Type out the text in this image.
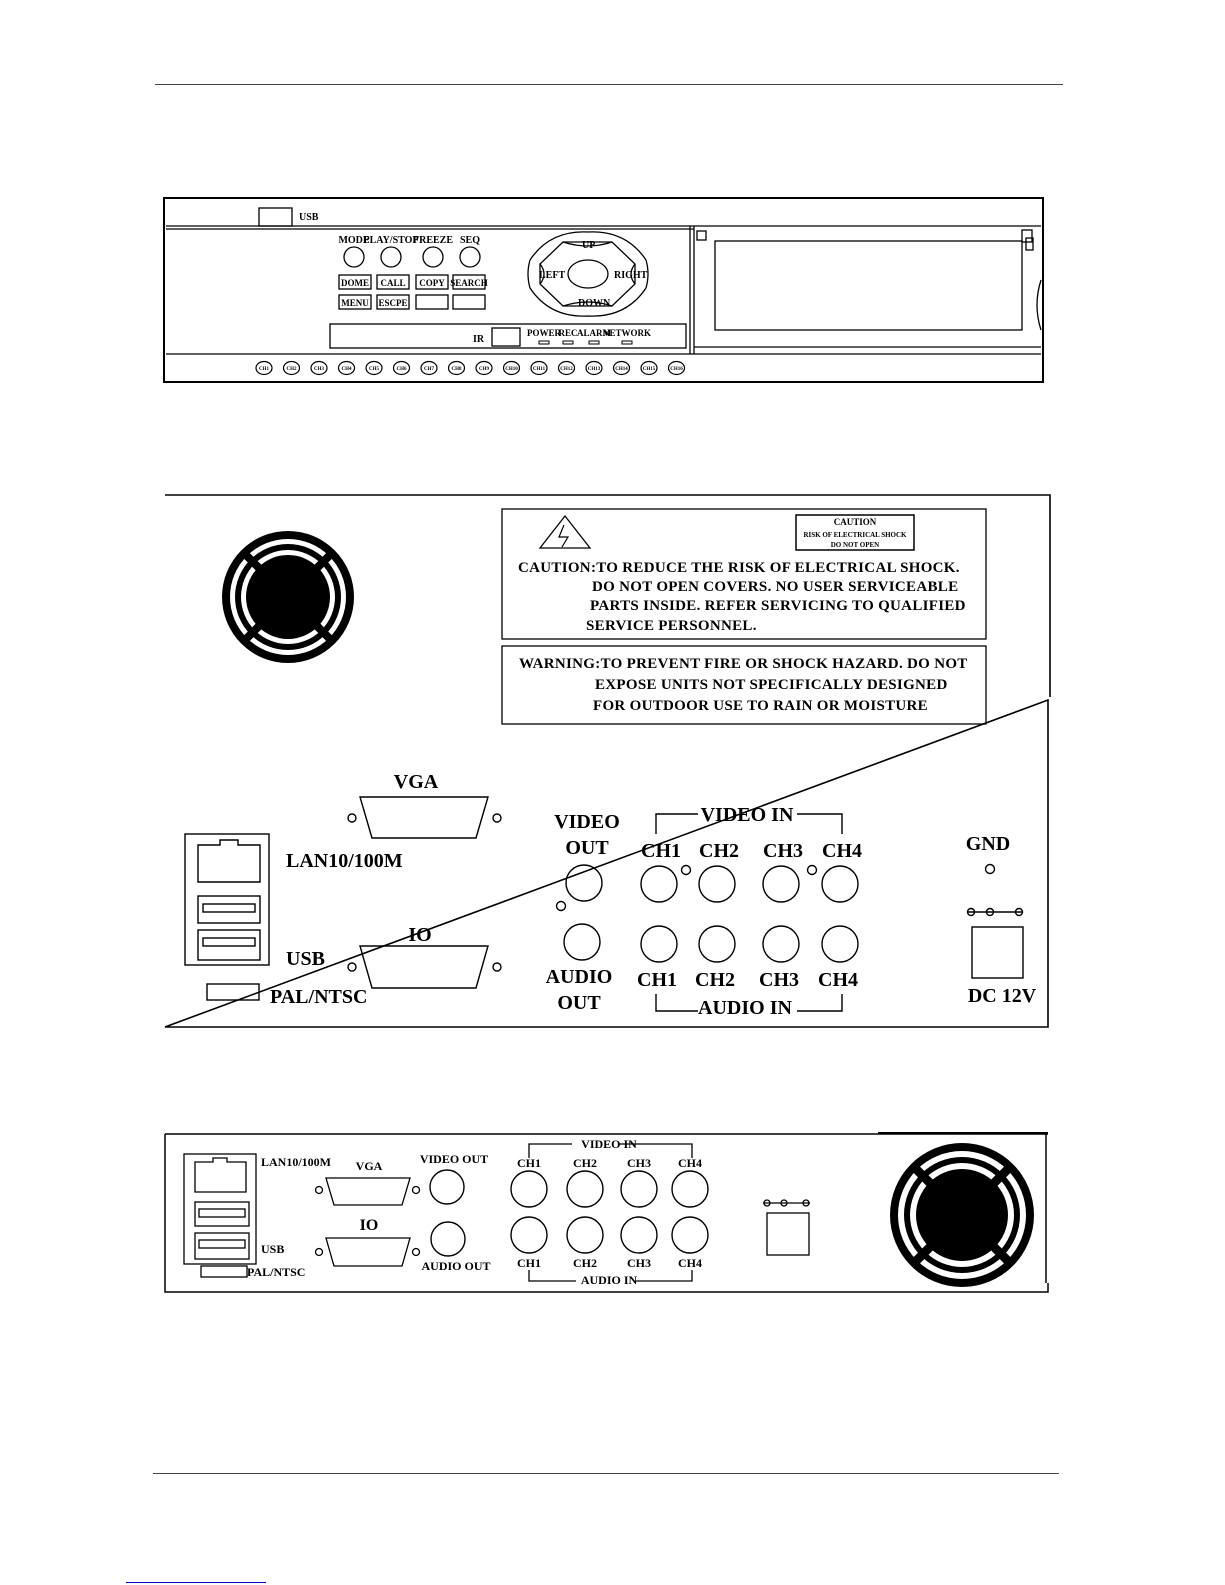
USB
MODE
PLAY/STOP
FREEZE SEQ
DOME CALL COPY SEARCH
MENU ESCPE
UP
DOWN
LEFT	RIGHT
IR
POWER
REC ALARM
NETWORK
CH1	CH2	CH3	CH4	CH5	CH6	CH7	CH8	CH9	CH10	CH11	CH12	CH13	CH14	CH15	CH16
CAUTION
RISK OF ELECTRICAL SHOCK
DO NOT OPEN
CAUTION:TO REDUCE THE RISK OF ELECTRICAL SHOCK.
DO NOT OPEN COVERS. NO USER SERVICEABLE
PARTS INSIDE. REFER SERVICING TO QUALIFIED
SERVICE PERSONNEL.
WARNING:TO PREVENT FIRE OR SHOCK HAZARD. DO NOT
EXPOSE UNITS NOT SPECIFICALLY DESIGNED
FOR OUTDOOR USE TO RAIN OR MOISTURE
VGA
LAN10/100M
IO
USB
PAL/NTSC
VIDEO
OUT
AUDIO
OUT
VIDEO IN
AUDIO IN
CH1
CH1
CH2
CH2
CH3
CH3
CH4
CH4
GND
DC 12V
LAN10/100M VGA
IO
USB
PAL/NTSC
VIDEO OUT
AUDIO OUT
VIDEO IN
AUDIO IN
CH1
CH1
CH2
CH2
CH3
CH3
CH4
CH4
